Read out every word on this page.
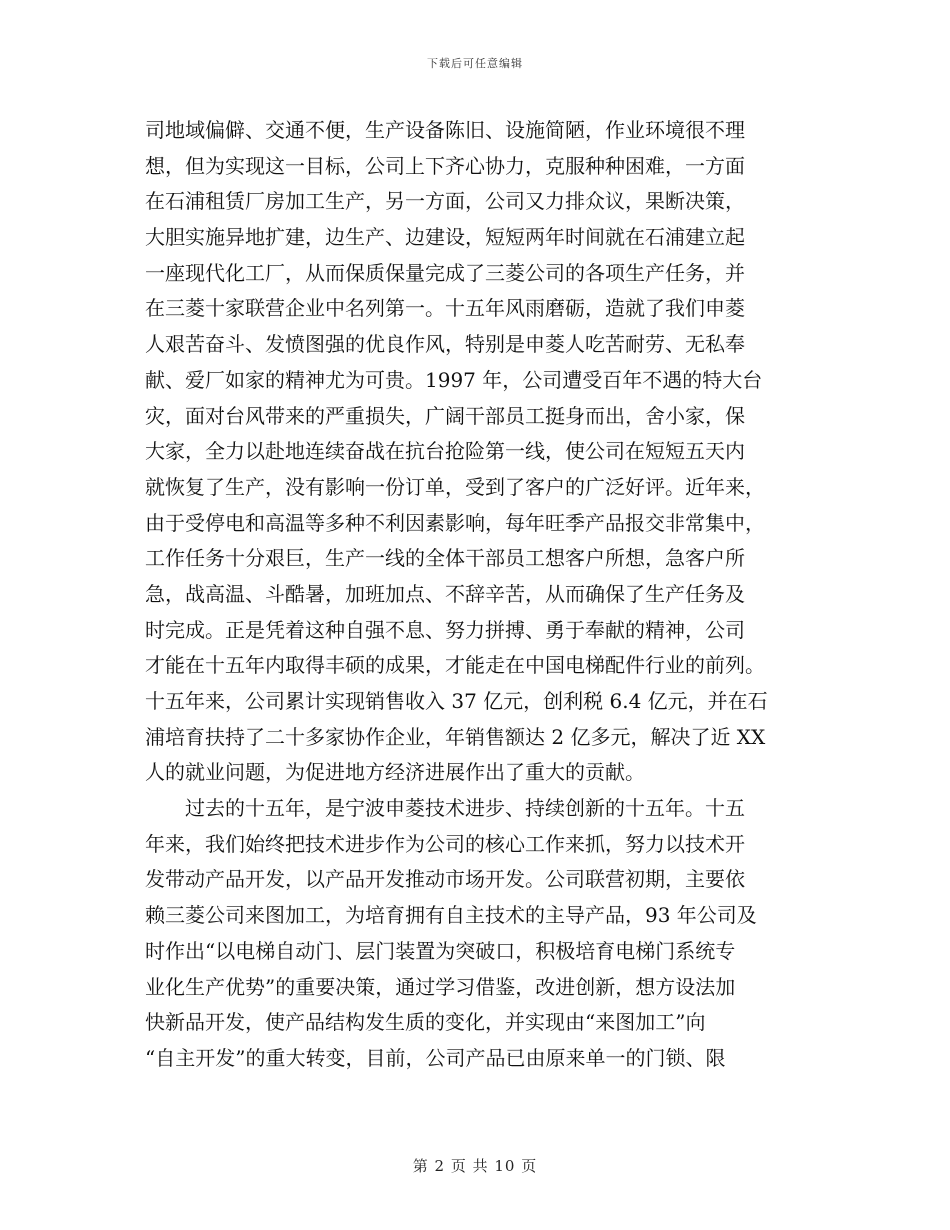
下载后可任意编辑
司地域偏僻、交通不便，生产设备陈旧、设施简陋，作业环境很不理
想，但为实现这一目标，公司上下齐心协力，克服种种困难，一方面
在石浦租赁厂房加工生产，另一方面，公司又力排众议，果断决策，
大胆实施异地扩建，边生产、边建设，短短两年时间就在石浦建立起
一座现代化工厂，从而保质保量完成了三菱公司的各项生产任务，并
在三菱十家联营企业中名列第一。十五年风雨磨砺，造就了我们申菱
人艰苦奋斗、发愤图强的优良作风，特别是申菱人吃苦耐劳、无私奉
献、爱厂如家的精神尤为可贵。1997 年，公司遭受百年不遇的特大台
灾，面对台风带来的严重损失，广阔干部员工挺身而出，舍小家，保
大家，全力以赴地连续奋战在抗台抢险第一线，使公司在短短五天内
就恢复了生产，没有影响一份订单，受到了客户的广泛好评。近年来，
由于受停电和高温等多种不利因素影响，每年旺季产品报交非常集中，
工作任务十分艰巨，生产一线的全体干部员工想客户所想，急客户所
急，战高温、斗酷暑，加班加点、不辞辛苦，从而确保了生产任务及
时完成。正是凭着这种自强不息、努力拼搏、勇于奉献的精神，公司
才能在十五年内取得丰硕的成果，才能走在中国电梯配件行业的前列。
十五年来，公司累计实现销售收入 37 亿元，创利税 6.4 亿元，并在石
浦培育扶持了二十多家协作企业，年销售额达 2 亿多元，解决了近 XX
人的就业问题，为促进地方经济进展作出了重大的贡献。
　　过去的十五年，是宁波申菱技术进步、持续创新的十五年。十五
年来，我们始终把技术进步作为公司的核心工作来抓，努力以技术开
发带动产品开发，以产品开发推动市场开发。公司联营初期，主要依
赖三菱公司来图加工，为培育拥有自主技术的主导产品，93 年公司及
时作出“以电梯自动门、层门装置为突破口，积极培育电梯门系统专
业化生产优势”的重要决策，通过学习借鉴，改进创新，想方设法加
快新品开发，使产品结构发生质的变化，并实现由“来图加工”向
“自主开发”的重大转变，目前，公司产品已由原来单一的门锁、限
第 2 页 共 10 页
